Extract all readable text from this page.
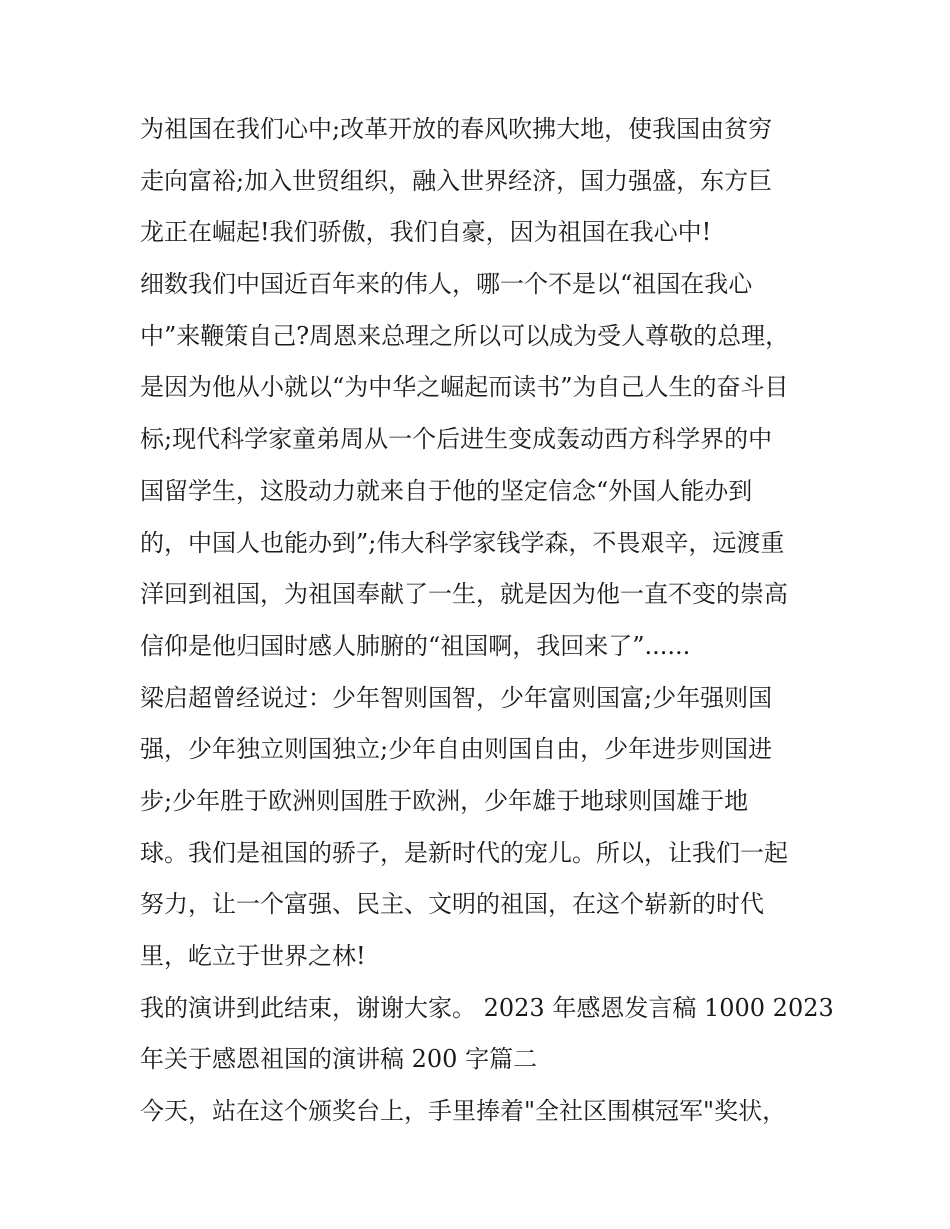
为祖国在我们心中;改革开放的春风吹拂大地，使我国由贫穷
走向富裕;加入世贸组织，融入世界经济，国力强盛，东方巨
龙正在崛起!我们骄傲，我们自豪，因为祖国在我心中!
细数我们中国近百年来的伟人，哪一个不是以“祖国在我心
中”来鞭策自己?周恩来总理之所以可以成为受人尊敬的总理，
是因为他从小就以“为中华之崛起而读书”为自己人生的奋斗目
标;现代科学家童弟周从一个后进生变成轰动西方科学界的中
国留学生，这股动力就来自于他的坚定信念“外国人能办到
的，中国人也能办到”;伟大科学家钱学森，不畏艰辛，远渡重
洋回到祖国，为祖国奉献了一生，就是因为他一直不变的崇高
信仰是他归国时感人肺腑的“祖国啊，我回来了”......
梁启超曾经说过：少年智则国智，少年富则国富;少年强则国
强，少年独立则国独立;少年自由则国自由，少年进步则国进
步;少年胜于欧洲则国胜于欧洲，少年雄于地球则国雄于地
球。我们是祖国的骄子，是新时代的宠儿。所以，让我们一起
努力，让一个富强、民主、文明的祖国，在这个崭新的时代
里，屹立于世界之林!
我的演讲到此结束，谢谢大家。 2023 年感恩发言稿 1000 2023
年关于感恩祖国的演讲稿 200 字篇二
今天，站在这个颁奖台上，手里捧着"全社区围棋冠军"奖状，
